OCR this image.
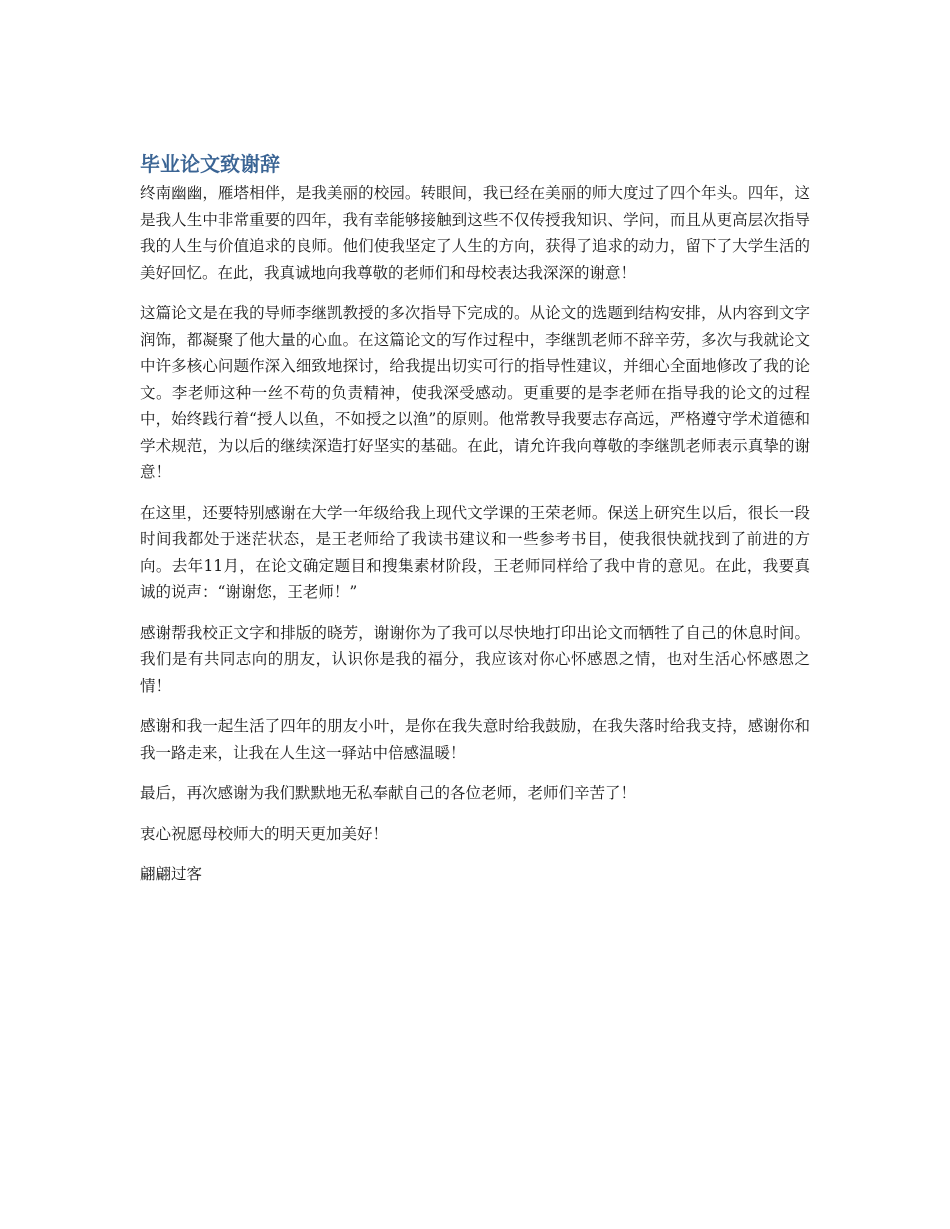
毕业论文致谢辞

终南幽幽，雁塔相伴，是我美丽的校园。转眼间，我已经在美丽的师大度过了四个年头。四年，这是我人生中非常重要的四年，我有幸能够接触到这些不仅传授我知识、学问，而且从更高层次指导我的人生与价值追求的良师。他们使我坚定了人生的方向，获得了追求的动力，留下了大学生活的美好回忆。在此，我真诚地向我尊敬的老师们和母校表达我深深的谢意！

这篇论文是在我的导师李继凯教授的多次指导下完成的。从论文的选题到结构安排，从内容到文字润饰，都凝聚了他大量的心血。在这篇论文的写作过程中，李继凯老师不辞辛劳，多次与我就论文中许多核心问题作深入细致地探讨，给我提出切实可行的指导性建议，并细心全面地修改了我的论文。李老师这种一丝不苟的负责精神，使我深受感动。更重要的是李老师在指导我的论文的过程中，始终践行着“授人以鱼，不如授之以渔”的原则。他常教导我要志存高远，严格遵守学术道德和学术规范，为以后的继续深造打好坚实的基础。在此，请允许我向尊敬的李继凯老师表示真挚的谢意！

在这里，还要特别感谢在大学一年级给我上现代文学课的王荣老师。保送上研究生以后，很长一段时间我都处于迷茫状态，是王老师给了我读书建议和一些参考书目，使我很快就找到了前进的方向。去年11月，在论文确定题目和搜集素材阶段，王老师同样给了我中肯的意见。在此，我要真诚的说声：“谢谢您，王老师！”

感谢帮我校正文字和排版的晓芳，谢谢你为了我可以尽快地打印出论文而牺牲了自己的休息时间。我们是有共同志向的朋友，认识你是我的福分，我应该对你心怀感恩之情，也对生活心怀感恩之情！

感谢和我一起生活了四年的朋友小叶，是你在我失意时给我鼓励，在我失落时给我支持，感谢你和我一路走来，让我在人生这一驿站中倍感温暖！

最后，再次感谢为我们默默地无私奉献自己的各位老师，老师们辛苦了！

衷心祝愿母校师大的明天更加美好！

翩翩过客
